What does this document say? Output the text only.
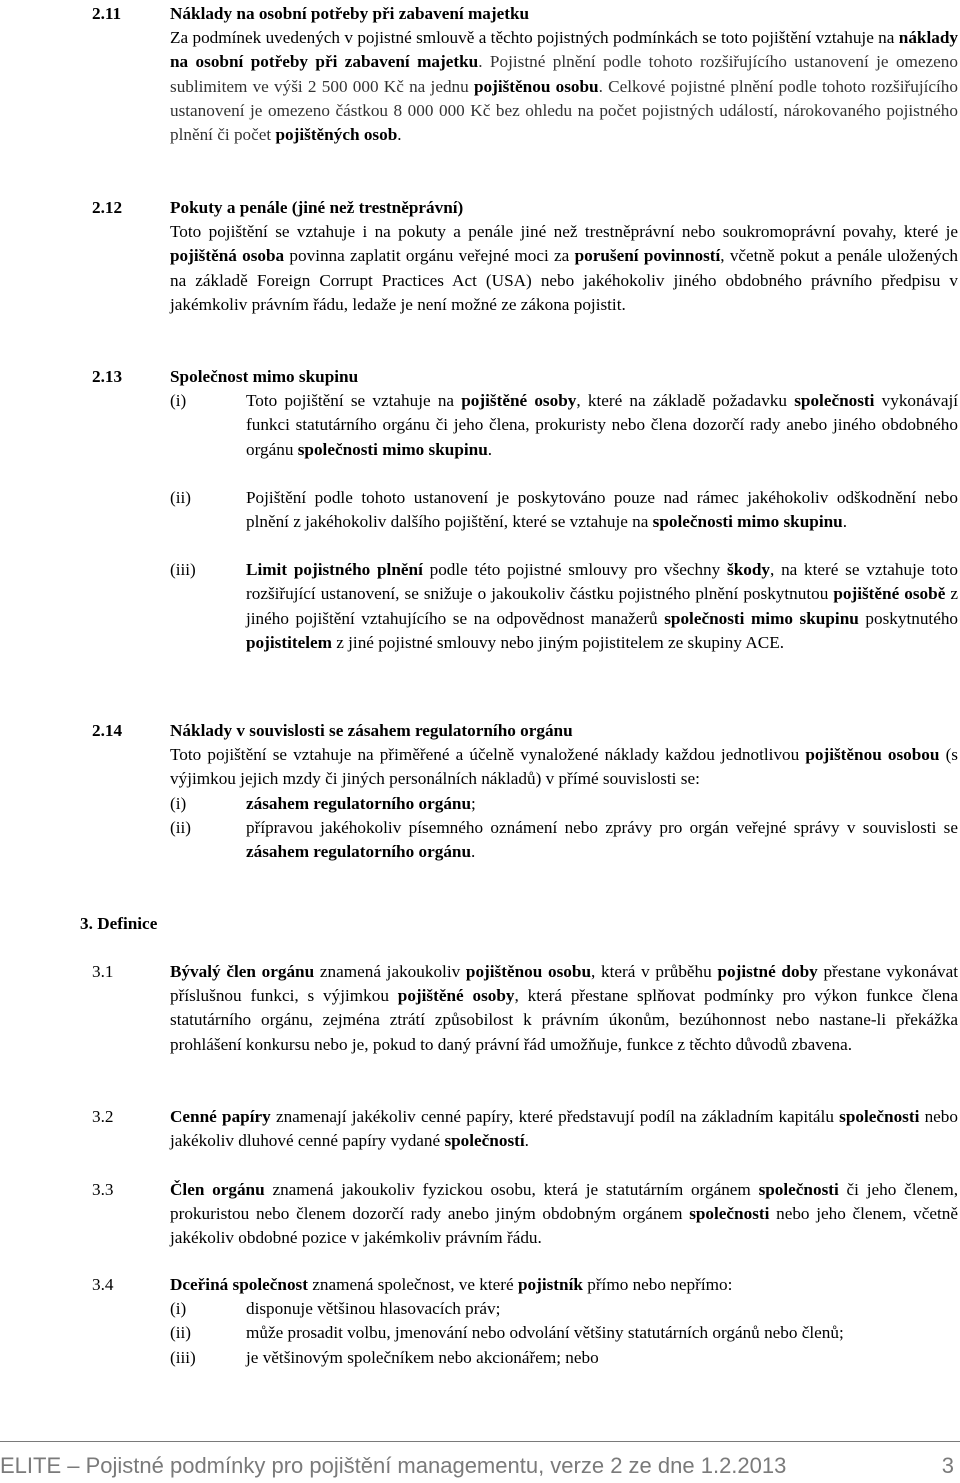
2.11	Náklady na osobní potřeby při zabavení majetku

Za podmínek uvedených v pojistné smlouvě a těchto pojistných podmínkách se toto pojištění vztahuje na náklady na osobní potřeby při zabavení majetku. Pojistné plnění podle tohoto rozšiřujícího ustanovení je omezeno sublimitem ve výši 2 500 000 Kč na jednu pojištěnou osobu. Celkové pojistné plnění podle tohoto rozšiřujícího ustanovení je omezeno částkou 8 000 000 Kč bez ohledu na počet pojistných událostí, nárokovaného pojistného plnění či počet pojištěných osob.

2.12	Pokuty a penále (jiné než trestněprávní)

Toto pojištění se vztahuje i na pokuty a penále jiné než trestněprávní nebo soukromoprávní povahy, které je pojištěná osoba povinna zaplatit orgánu veřejné moci za porušení povinností, včetně pokut a penále uložených na základě Foreign Corrupt Practices Act (USA) nebo jakéhokoliv jiného obdobného právního předpisu v jakémkoliv právním řádu, ledaže je není možné ze zákona pojistit.

2.13	Společnost mimo skupinu

(i)	Toto pojištění se vztahuje na pojištěné osoby, které na základě požadavku společnosti vykonávají funkci statutárního orgánu či jeho člena, prokuristy nebo člena dozorčí rady anebo jiného obdobného orgánu společnosti mimo skupinu.

(ii)	Pojištění podle tohoto ustanovení je poskytováno pouze nad rámec jakéhokoliv odškodnění nebo plnění z jakéhokoliv dalšího pojištění, které se vztahuje na společnosti mimo skupinu.

(iii)	Limit pojistného plnění podle této pojistné smlouvy pro všechny škody, na které se vztahuje toto rozšiřující ustanovení, se snižuje o jakoukoliv částku pojistného plnění poskytnutou pojištěné osobě z jiného pojištění vztahujícího se na odpovědnost manažerů společnosti mimo skupinu poskytnutého pojistitelem z jiné pojistné smlouvy nebo jiným pojistitelem ze skupiny ACE.

2.14	Náklady v souvislosti se zásahem regulatorního orgánu

Toto pojištění se vztahuje na přiměřené a účelně vynaložené náklady každou jednotlivou pojištěnou osobou (s výjimkou jejich mzdy či jiných personálních nákladů) v přímé souvislosti se:

(i)	zásahem regulatorního orgánu;

(ii)	přípravou jakéhokoliv písemného oznámení nebo zprávy pro orgán veřejné správy v souvislosti se zásahem regulatorního orgánu.

3. Definice
3.1	Bývalý člen orgánu znamená jakoukoliv pojištěnou osobu, která v průběhu pojistné doby přestane vykonávat příslušnou funkci, s výjimkou pojištěné osoby, která přestane splňovat podmínky pro výkon funkce člena statutárního orgánu, zejména ztrátí způsobilost k právním úkonům, bezúhonnost nebo nastane-li překážka prohlášení konkursu nebo je, pokud to daný právní řád umožňuje, funkce z těchto důvodů zbavena.

3.2	Cenné papíry znamenají jakékoliv cenné papíry, které představují podíl na základním kapitálu společnosti nebo jakékoliv dluhové cenné papíry vydané společností.

3.3	Člen orgánu znamená jakoukoliv fyzickou osobu, která je statutárním orgánem společnosti či jeho členem, prokuristou nebo členem dozorčí rady anebo jiným obdobným orgánem společnosti nebo jeho členem, včetně jakékoliv obdobné pozice v jakémkoliv právním řádu.

3.4	Dceřiná společnost znamená společnost, ve které pojistník přímo nebo nepřímo:

(i)	disponuje většinou hlasovacích práv;

(ii)	může prosadit volbu, jmenování nebo odvolání většiny statutárních orgánů nebo členů;

(iii)	je většinovým společníkem nebo akcionářem; nebo

ELITE – Pojistné podmínky pro pojištění managementu, verze 2 ze dne 1.2.2013	3
